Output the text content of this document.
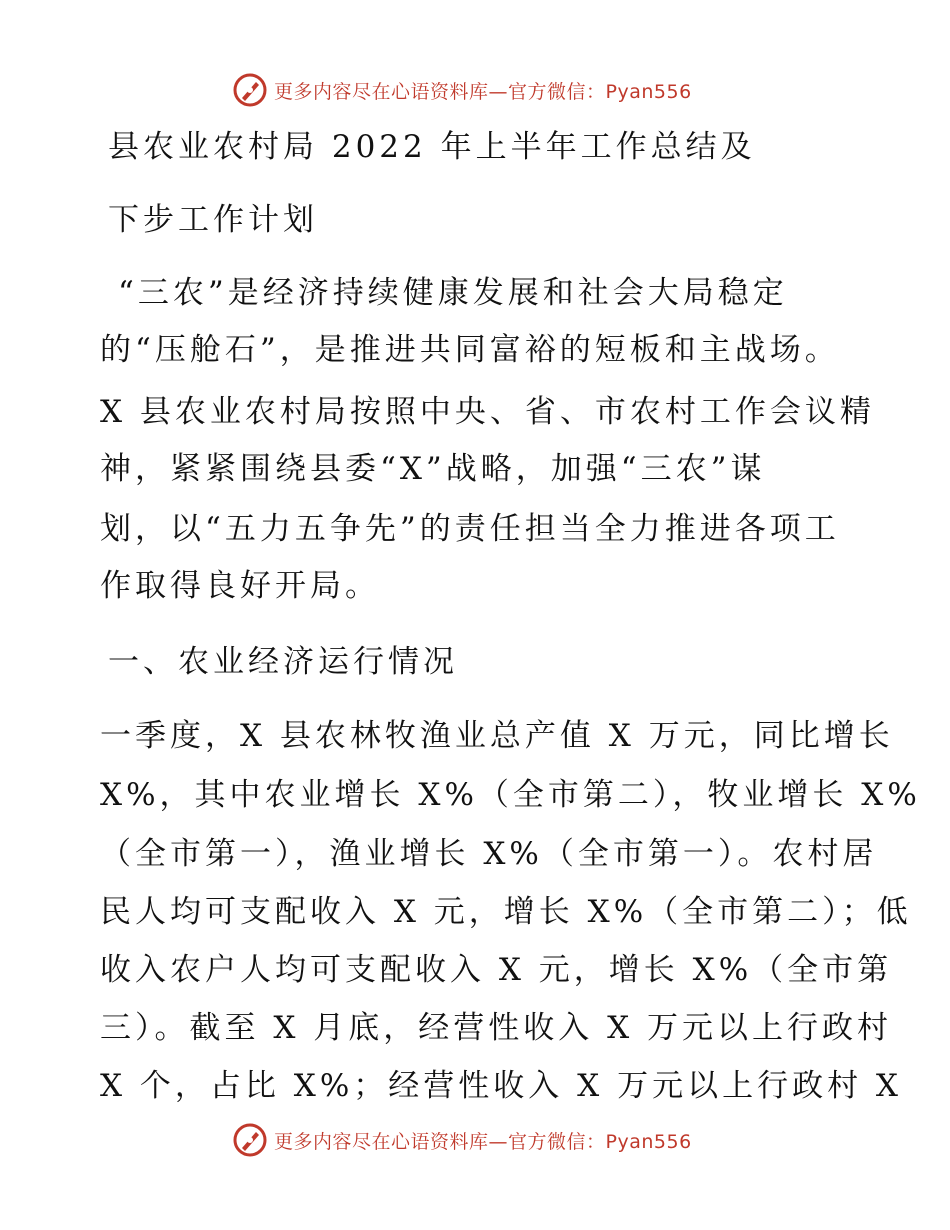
更多内容尽在心语资料库—官方微信：Pyan556
县农业农村局 2022 年上半年工作总结及
下步工作计划
“三农”是经济持续健康发展和社会大局稳定
的“压舱石”，是推进共同富裕的短板和主战场。
X 县农业农村局按照中央、省、市农村工作会议精
神，紧紧围绕县委“X”战略，加强“三农”谋
划，以“五力五争先”的责任担当全力推进各项工
作取得良好开局。
一、农业经济运行情况
一季度，X 县农林牧渔业总产值 X 万元，同比增长
X%，其中农业增长 X%（全市第二），牧业增长 X%
（全市第一），渔业增长 X%（全市第一）。农村居
民人均可支配收入 X 元，增长 X%（全市第二）；低
收入农户人均可支配收入 X 元，增长 X%（全市第
三）。截至 X 月底，经营性收入 X 万元以上行政村
X 个，占比 X%；经营性收入 X 万元以上行政村 X
更多内容尽在心语资料库—官方微信：Pyan556
